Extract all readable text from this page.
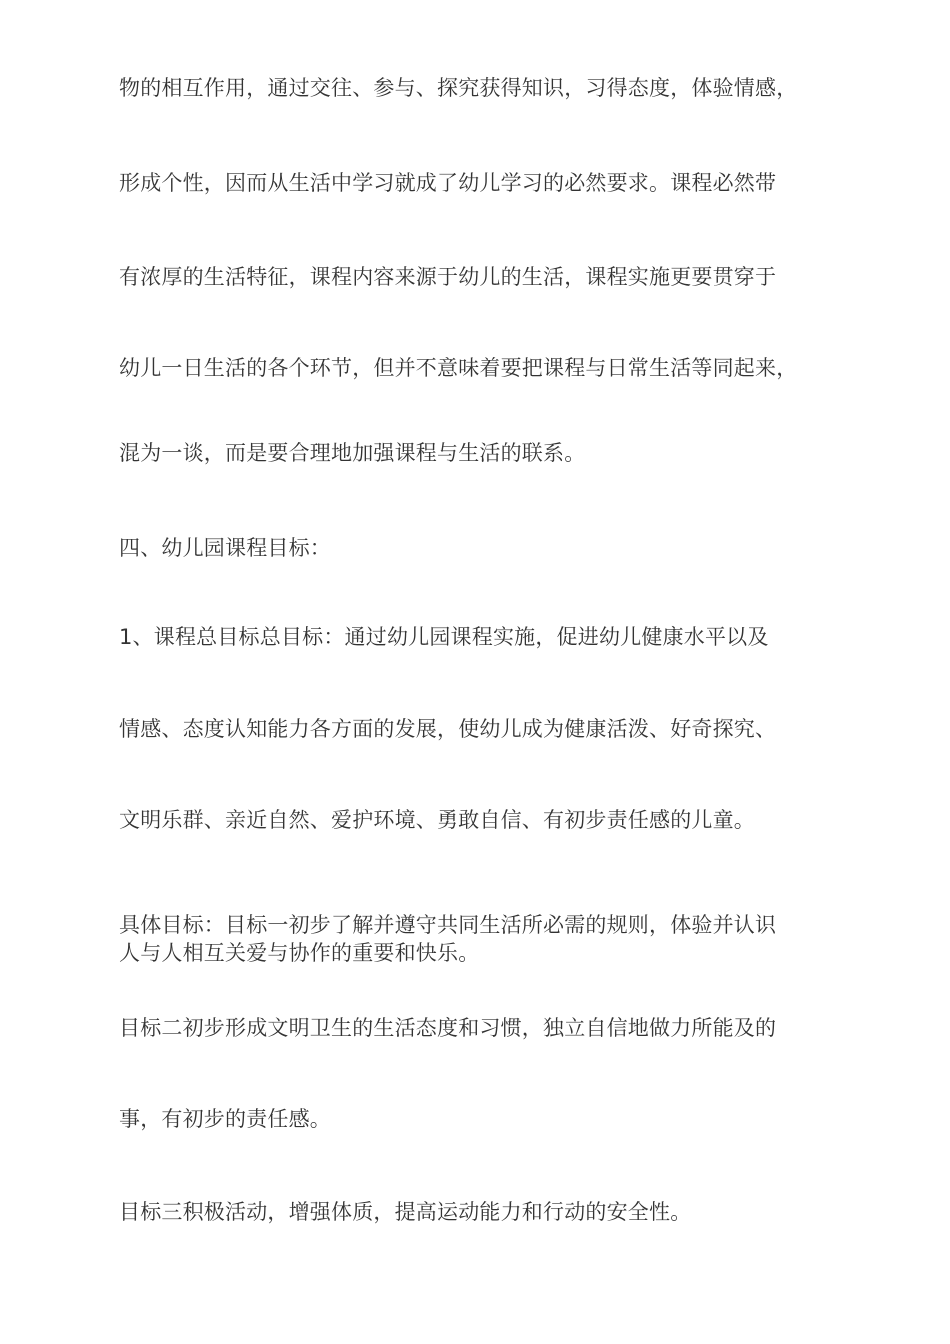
物的相互作用，通过交往、参与、探究获得知识，习得态度，体验情感，
形成个性，因而从生活中学习就成了幼儿学习的必然要求。课程必然带
有浓厚的生活特征，课程内容来源于幼儿的生活，课程实施更要贯穿于
幼儿一日生活的各个环节，但并不意味着要把课程与日常生活等同起来，
混为一谈，而是要合理地加强课程与生活的联系。
四、幼儿园课程目标：
1、课程总目标总目标：通过幼儿园课程实施，促进幼儿健康水平以及
情感、态度认知能力各方面的发展，使幼儿成为健康活泼、好奇探究、
文明乐群、亲近自然、爱护环境、勇敢自信、有初步责任感的儿童。
具体目标：目标一初步了解并遵守共同生活所必需的规则，体验并认识
人与人相互关爱与协作的重要和快乐。
目标二初步形成文明卫生的生活态度和习惯，独立自信地做力所能及的
事，有初步的责任感。
目标三积极活动，增强体质，提高运动能力和行动的安全性。
